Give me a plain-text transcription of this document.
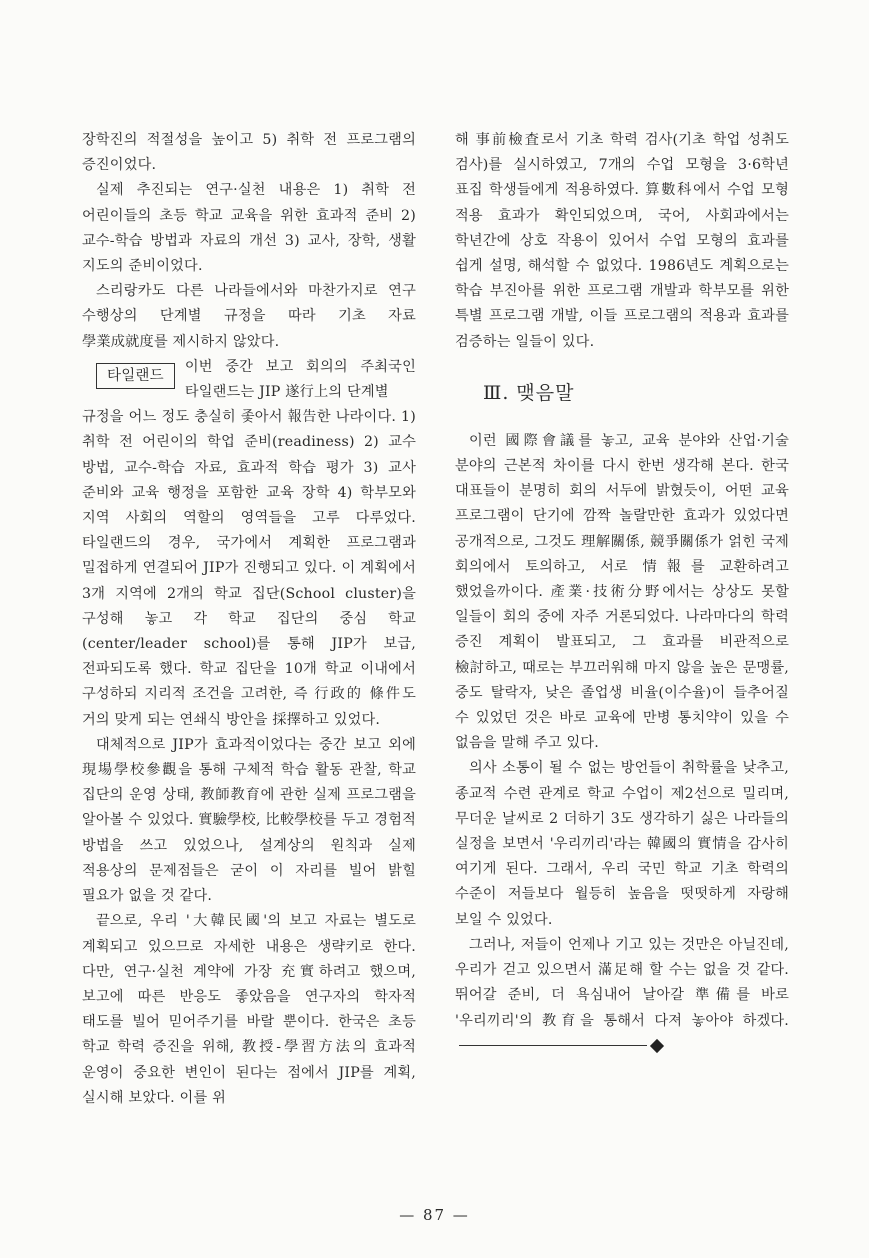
장학진의 적절성을 높이고 5) 취학 전 프로그램의 증진이었다.

실제 추진되는 연구·실천 내용은 1) 취학 전 어린이들의 초등 학교 교육을 위한 효과적 준비 2) 교수-학습 방법과 자료의 개선 3) 교사, 장학, 생활 지도의 준비이었다.

스리랑카도 다른 나라들에서와 마찬가지로 연구 수행상의 단계별 규정을 따라 기초 자료 學業成就度를 제시하지 않았다.

타일랜드
이번 중간 보고 회의의 주최국인 타일랜드는 JIP 遂行上의 단계별

규정을 어느 정도 충실히 좇아서 報告한 나라이다. 1) 취학 전 어린이의 학업 준비(readiness) 2) 교수 방법, 교수-학습 자료, 효과적 학습 평가 3) 교사 준비와 교육 행정을 포함한 교육 장학 4) 학부모와 지역 사회의 역할의 영역들을 고루 다루었다. 타일랜드의 경우, 국가에서 계획한 프로그램과 밀접하게 연결되어 JIP가 진행되고 있다. 이 계획에서 3개 지역에 2개의 학교 집단(School cluster)을 구성해 놓고 각 학교 집단의 중심 학교(center/leader school)를 통해 JIP가 보급, 전파되도록 했다. 학교 집단을 10개 학교 이내에서 구성하되 지리적 조건을 고려한, 즉 行政的 條件도 거의 맞게 되는 연쇄식 방안을 採擇하고 있었다.

대체적으로 JIP가 효과적이었다는 중간 보고 외에 現場學校參觀을 통해 구체적 학습 활동 관찰, 학교 집단의 운영 상태, 教師教育에 관한 실제 프로그램을 알아볼 수 있었다. 實驗學校, 比較學校를 두고 경험적 방법을 쓰고 있었으나, 설계상의 원칙과 실제 적용상의 문제점들은 굳이 이 자리를 빌어 밝힐 필요가 없을 것 같다.

끝으로, 우리 '大韓民國'의 보고 자료는 별도로 계획되고 있으므로 자세한 내용은 생략키로 한다. 다만, 연구·실천 계약에 가장 充實하려고 했으며, 보고에 따른 반응도 좋았음을 연구자의 학자적 태도를 빌어 믿어주기를 바랄 뿐이다. 한국은 초등 학교 학력 증진을 위해, 教授-學習方法의 효과적 운영이 중요한 변인이 된다는 점에서 JIP를 계획, 실시해 보았다. 이를 위

해 事前檢査로서 기초 학력 검사(기초 학업 성취도 검사)를 실시하였고, 7개의 수업 모형을 3·6학년 표집 학생들에게 적용하였다. 算數科에서 수업 모형 적용 효과가 확인되었으며, 국어, 사회과에서는 학년간에 상호 작용이 있어서 수업 모형의 효과를 쉽게 설명, 해석할 수 없었다. 1986년도 계획으로는 학습 부진아를 위한 프로그램 개발과 학부모를 위한 특별 프로그램 개발, 이들 프로그램의 적용과 효과를 검증하는 일들이 있다.

Ⅲ. 맺음말

이런 國際會議를 놓고, 교육 분야와 산업·기술 분야의 근본적 차이를 다시 한번 생각해 본다. 한국 대표들이 분명히 회의 서두에 밝혔듯이, 어떤 교육 프로그램이 단기에 깜짝 놀랄만한 효과가 있었다면 공개적으로, 그것도 理解關係, 競爭關係가 얽힌 국제 회의에서 토의하고, 서로 情報를 교환하려고 했었을까이다. 產業·技術分野에서는 상상도 못할 일들이 회의 중에 자주 거론되었다. 나라마다의 학력 증진 계획이 발표되고, 그 효과를 비관적으로 檢討하고, 때로는 부끄러워해 마지 않을 높은 문맹률, 중도 탈락자, 낮은 졸업생 비율(이수율)이 들추어질 수 있었던 것은 바로 교육에 만병 통치약이 있을 수 없음을 말해 주고 있다.

의사 소통이 될 수 없는 방언들이 취학률을 낮추고, 종교적 수련 관계로 학교 수업이 제2선으로 밀리며, 무더운 날씨로 2 더하기 3도 생각하기 싫은 나라들의 실정을 보면서 '우리끼리'라는 韓國의 實情을 감사히 여기게 된다. 그래서, 우리 국민 학교 기초 학력의 수준이 저들보다 월등히 높음을 떳떳하게 자랑해 보일 수 있었다.

그러나, 저들이 언제나 기고 있는 것만은 아닐진데, 우리가 걷고 있으면서 滿足해 할 수는 없을 것 같다. 뛰어갈 준비, 더 욕심내어 날아갈 準備를 바로 '우리끼리'의 教育을 통해서 다져 놓아야 하겠다.

— 87 —
